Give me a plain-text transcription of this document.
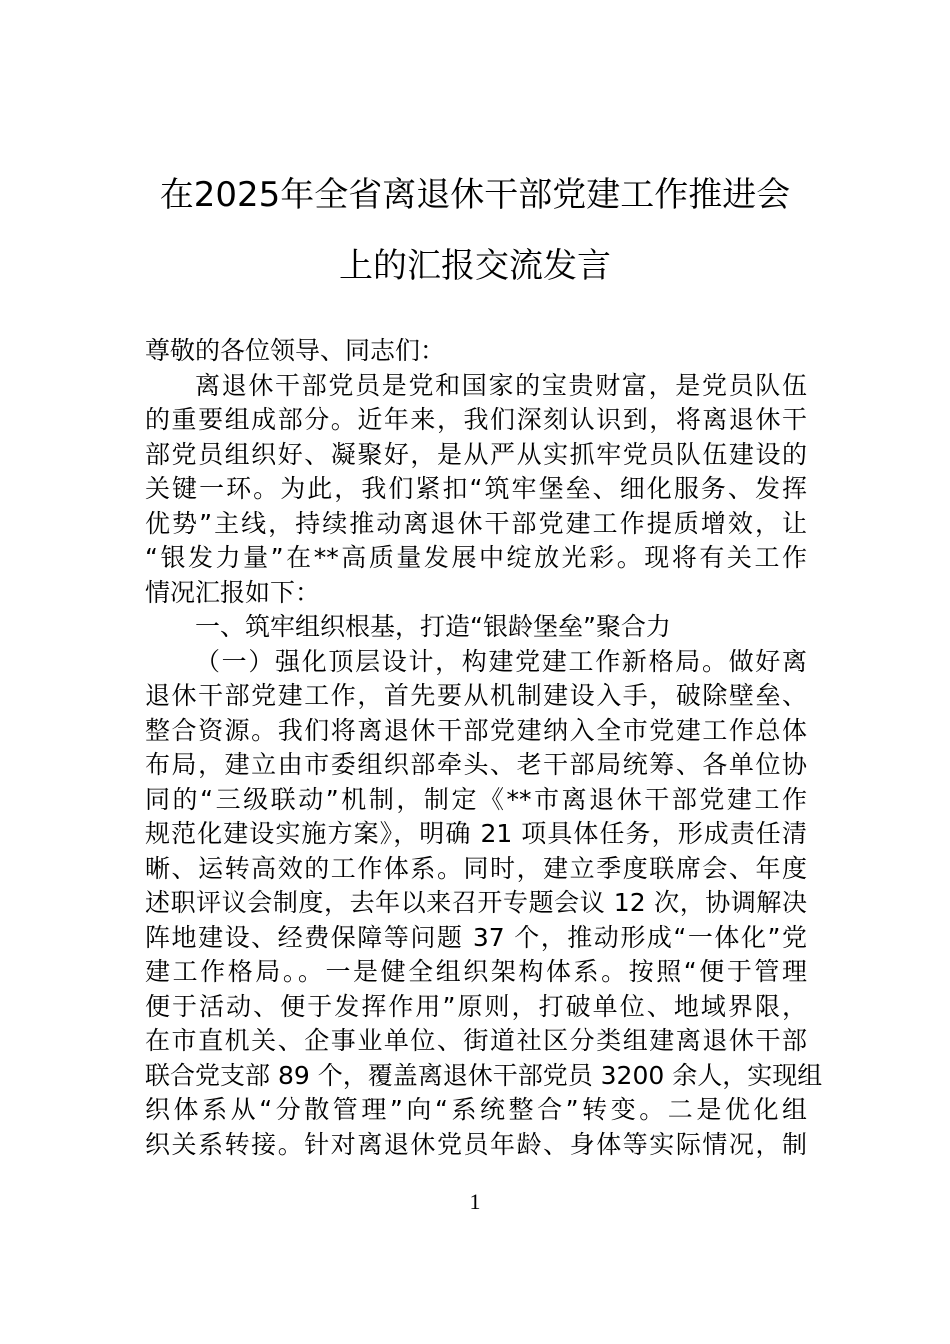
在2025年全省离退休干部党建工作推进会
上的汇报交流发言
尊敬的各位领导、同志们：
离退休干部党员是党和国家的宝贵财富，是党员队伍
的重要组成部分。近年来，我们深刻认识到，将离退休干
部党员组织好、凝聚好，是从严从实抓牢党员队伍建设的
关键一环。为此，我们紧扣“筑牢堡垒、细化服务、发挥
优势”主线，持续推动离退休干部党建工作提质增效，让
“银发力量”在**高质量发展中绽放光彩。现将有关工作
情况汇报如下：
一、筑牢组织根基，打造“银龄堡垒”聚合力
（一）强化顶层设计，构建党建工作新格局。做好离
退休干部党建工作，首先要从机制建设入手，破除壁垒、
整合资源。我们将离退休干部党建纳入全市党建工作总体
布局，建立由市委组织部牵头、老干部局统筹、各单位协
同的“三级联动”机制，制定《**市离退休干部党建工作
规范化建设实施方案》，明确 21 项具体任务，形成责任清
晰、运转高效的工作体系。同时，建立季度联席会、年度
述职评议会制度，去年以来召开专题会议 12 次，协调解决
阵地建设、经费保障等问题 37 个，推动形成“一体化”党
建工作格局。。一是健全组织架构体系。按照“便于管理
便于活动、便于发挥作用”原则，打破单位、地域界限，
在市直机关、企事业单位、街道社区分类组建离退休干部
联合党支部 89 个，覆盖离退休干部党员 3200 余人，实现组
织体系从“分散管理”向“系统整合”转变。二是优化组
织关系转接。针对离退休党员年龄、身体等实际情况，制
1
